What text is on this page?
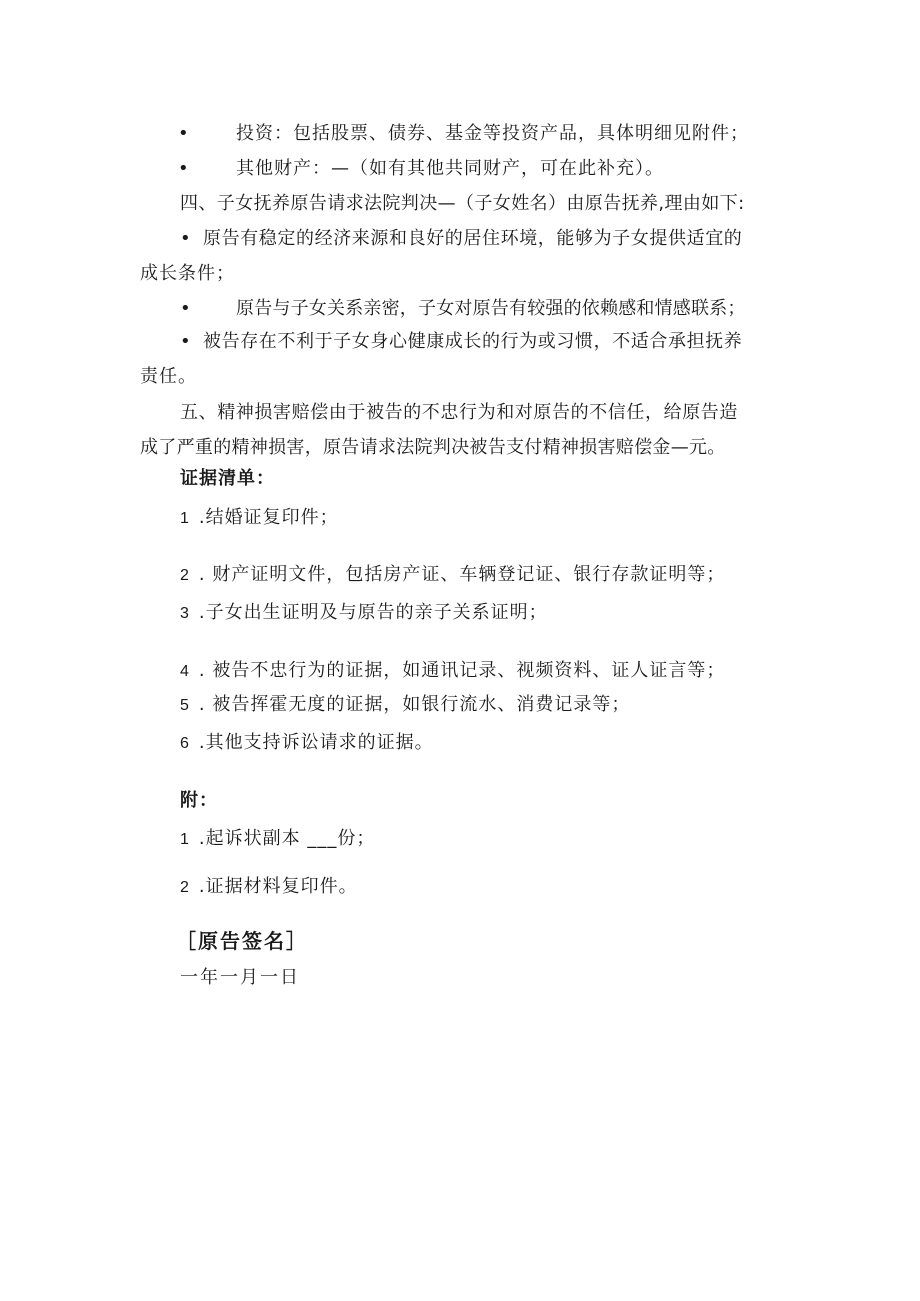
•	投资：包括股票、债券、基金等投资产品，具体明细见附件；
•	其他财产：—（如有其他共同财产，可在此补充）。
四、子女抚养原告请求法院判决—（子女姓名）由原告抚养,理由如下:
• 原告有稳定的经济来源和良好的居住环境，能够为子女提供适宜的
成长条件；
•	原告与子女关系亲密，子女对原告有较强的依赖感和情感联系；
• 被告存在不利于子女身心健康成长的行为或习惯，不适合承担抚养
责任。
五、精神损害赔偿由于被告的不忠行为和对原告的不信任，给原告造
成了严重的精神损害，原告请求法院判决被告支付精神损害赔偿金—元。
证据清单：
1 .结婚证复印件；
2 . 财产证明文件，包括房产证、车辆登记证、银行存款证明等；
3 .子女出生证明及与原告的亲子关系证明；
4 . 被告不忠行为的证据，如通讯记录、视频资料、证人证言等；
5 . 被告挥霍无度的证据，如银行流水、消费记录等；
6 .其他支持诉讼请求的证据。
附：
1 .起诉状副本 ___份；
2 .证据材料复印件。
［原告签名］
一年一月一日
